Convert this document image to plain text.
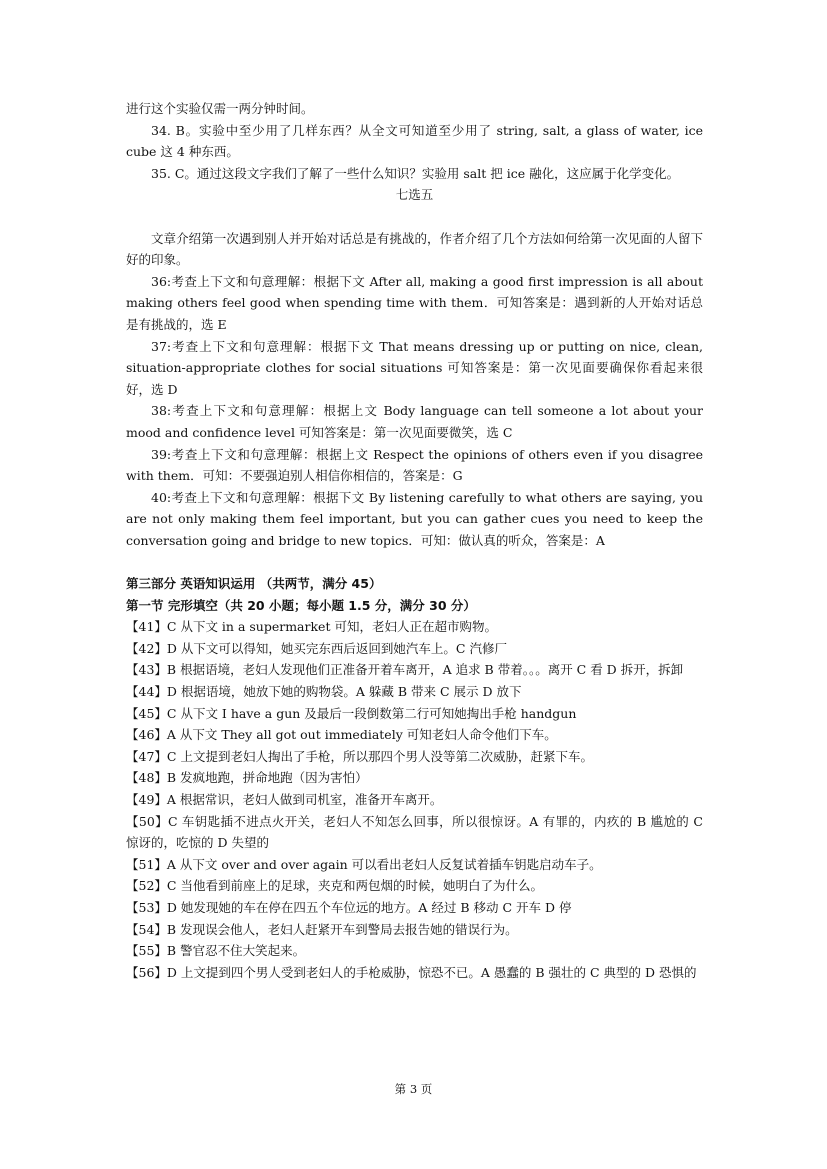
进行这个实验仅需一两分钟时间。

34. B。实验中至少用了几样东西？从全文可知道至少用了 string, salt, a glass of water, ice cube 这 4 种东西。

35. C。通过这段文字我们了解了一些什么知识？实验用 salt 把 ice 融化，这应属于化学变化。

七选五

文章介绍第一次遇到别人并开始对话总是有挑战的，作者介绍了几个方法如何给第一次见面的人留下好的印象。

36:考查上下文和句意理解：根据下文 After all, making a good first impression is all about making others feel good when spending time with them．可知答案是：遇到新的人开始对话总是有挑战的，选 E

37:考查上下文和句意理解：根据下文 That means dressing up or putting on nice, clean, situation-appropriate clothes for social situations 可知答案是：第一次见面要确保你看起来很好，选 D

38:考查上下文和句意理解：根据上文 Body language can tell someone a lot about your mood and confidence level 可知答案是：第一次见面要微笑，选 C

39:考查上下文和句意理解：根据上文 Respect the opinions of others even if you disagree with them．可知：不要强迫别人相信你相信的，答案是：G

40:考查上下文和句意理解：根据下文 By listening carefully to what others are saying, you are not only making them feel important, but you can gather cues you need to keep the conversation going and bridge to new topics．可知：做认真的听众，答案是：A

第三部分 英语知识运用 （共两节，满分 45）

第一节 完形填空（共 20 小题；每小题 1.5 分，满分 30 分）

【41】C 从下文 in a supermarket 可知，老妇人正在超市购物。

【42】D 从下文可以得知，她买完东西后返回到她汽车上。C 汽修厂

【43】B 根据语境，老妇人发现他们正准备开着车离开，A 追求 B 带着。。。离开 C 看 D 拆开，拆卸

【44】D 根据语境，她放下她的购物袋。A 躲藏 B 带来 C 展示 D 放下

【45】C 从下文 I have a gun 及最后一段倒数第二行可知她掏出手枪 handgun

【46】A 从下文 They all got out immediately 可知老妇人命令他们下车。

【47】C 上文提到老妇人掏出了手枪，所以那四个男人没等第二次威胁，赶紧下车。

【48】B 发疯地跑，拼命地跑（因为害怕）

【49】A 根据常识，老妇人做到司机室，准备开车离开。

【50】C 车钥匙插不进点火开关，老妇人不知怎么回事，所以很惊讶。A 有罪的，内疚的 B 尴尬的 C 惊讶的，吃惊的 D 失望的

【51】A 从下文 over and over again 可以看出老妇人反复试着插车钥匙启动车子。

【52】C 当他看到前座上的足球，夹克和两包烟的时候，她明白了为什么。

【53】D 她发现她的车在停在四五个车位远的地方。A 经过 B 移动 C 开车 D 停

【54】B 发现误会他人，老妇人赶紧开车到警局去报告她的错误行为。

【55】B 警官忍不住大笑起来。

【56】D 上文提到四个男人受到老妇人的手枪威胁，惊恐不已。A 愚蠢的 B 强壮的 C 典型的 D 恐惧的

第 3 页
